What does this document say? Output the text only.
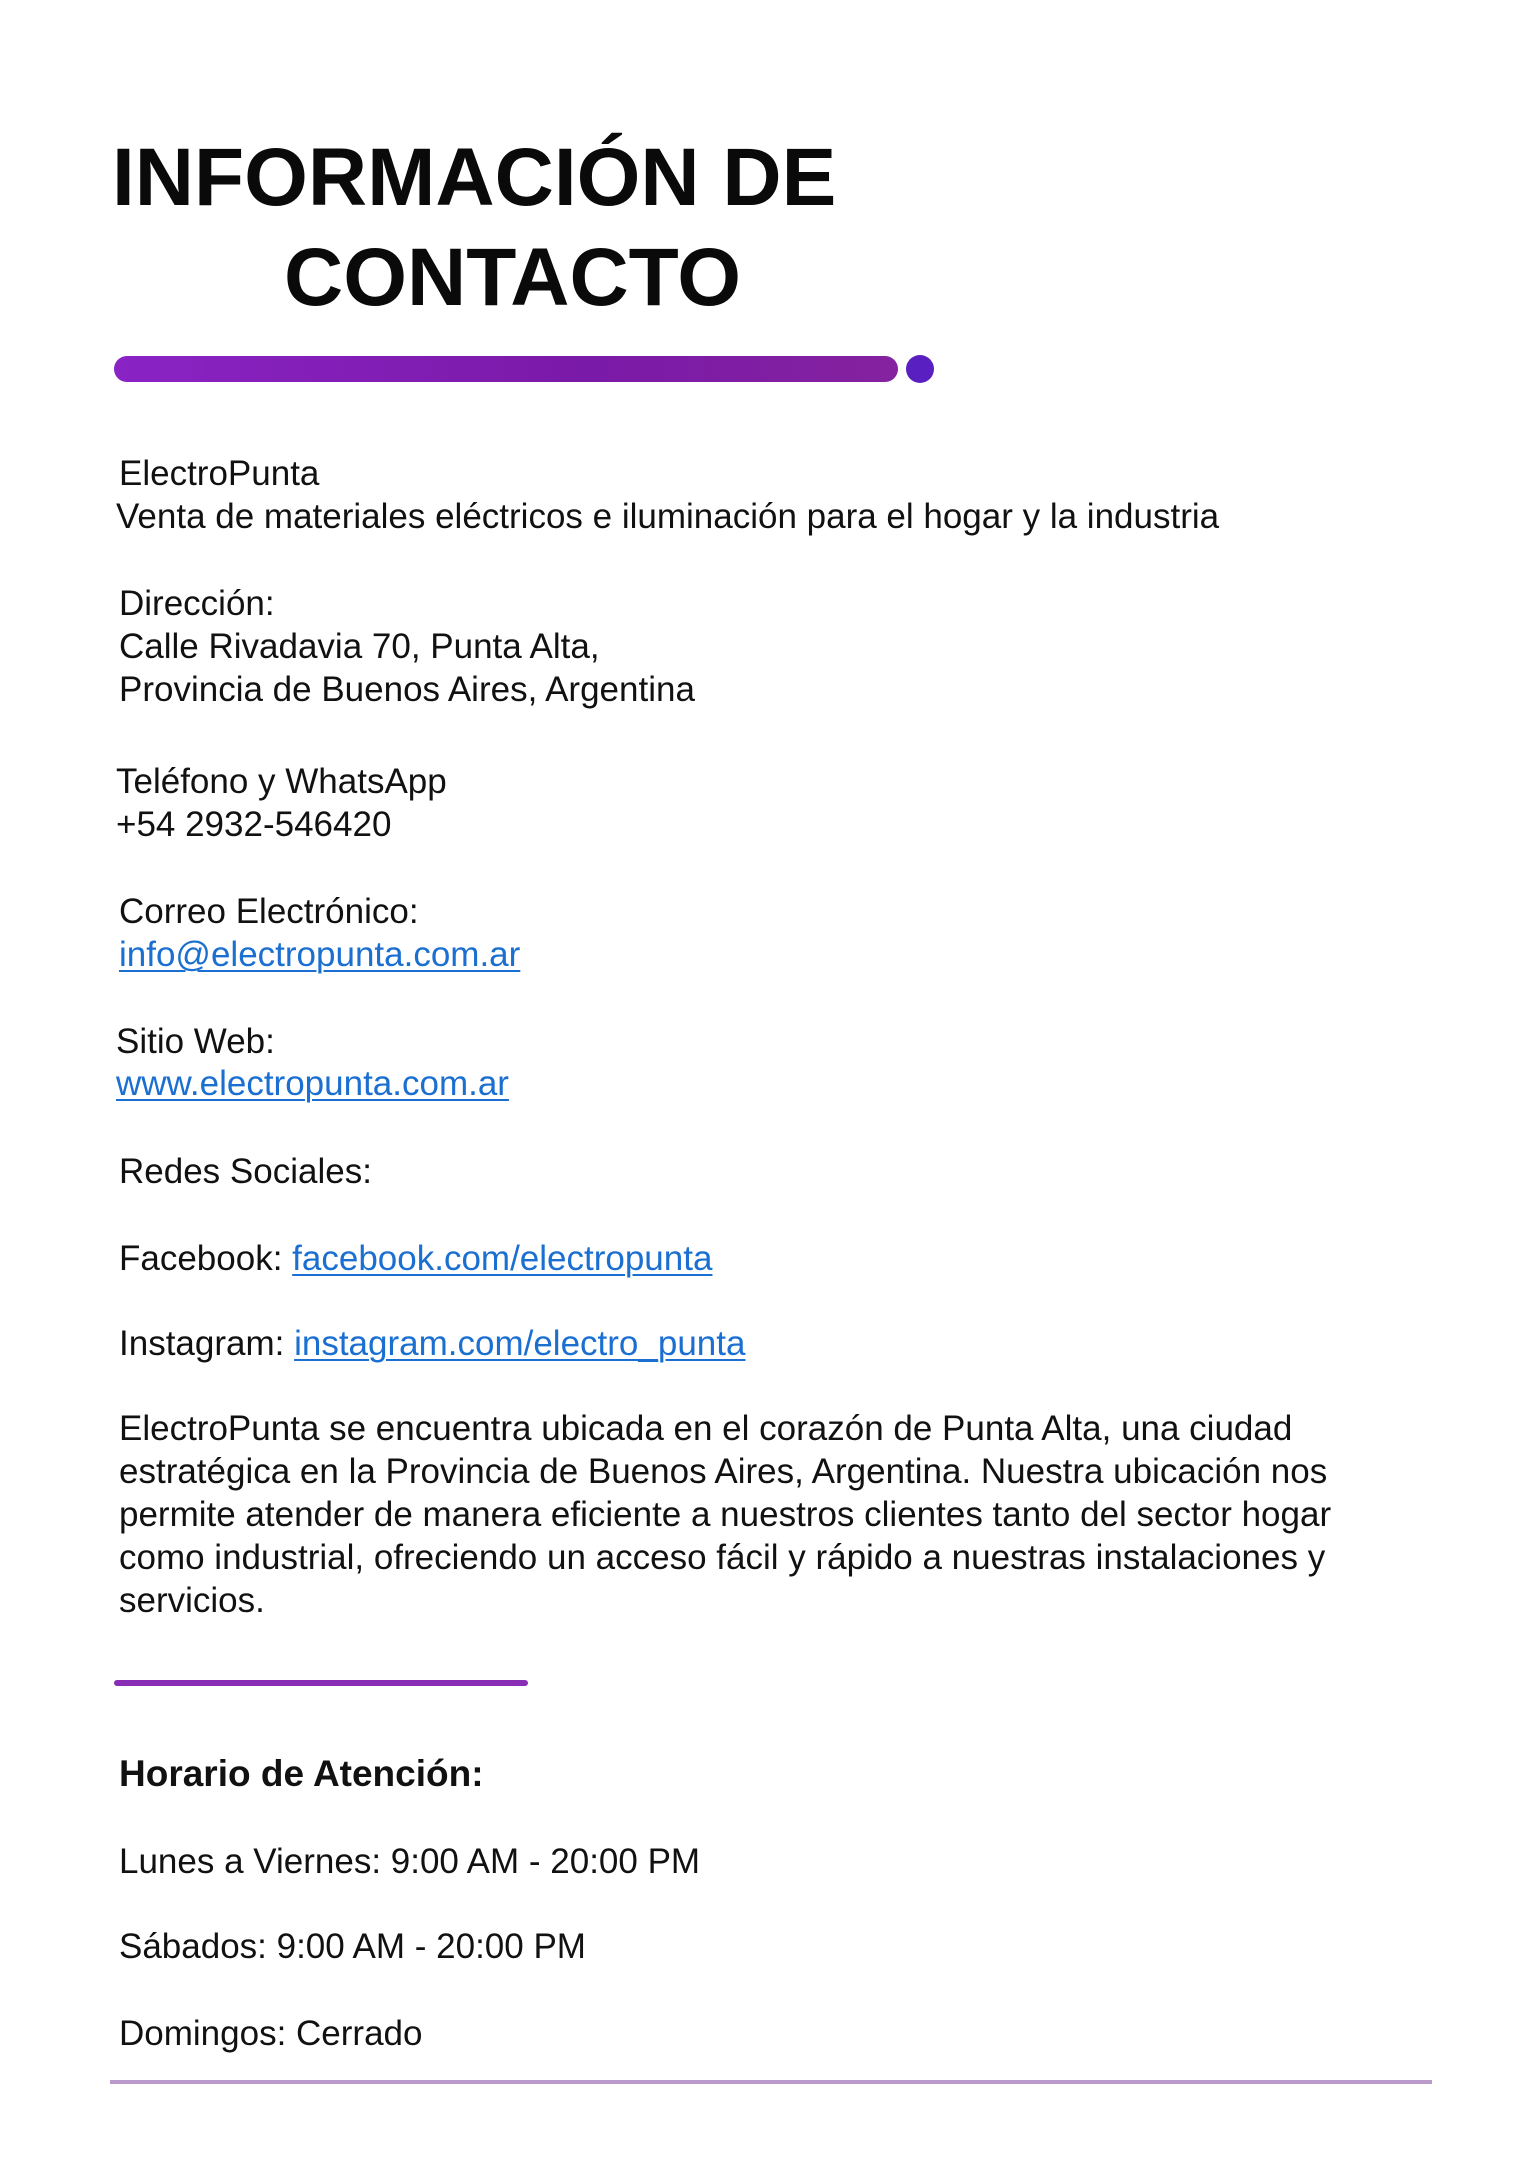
INFORMACIÓN DE
CONTACTO

ElectroPunta

Venta de materiales eléctricos e iluminación para el hogar y la industria

Dirección:

Calle Rivadavia 70, Punta Alta,

Provincia de Buenos Aires, Argentina

Teléfono y WhatsApp

+54 2932-546420

Correo Electrónico:

info@electropunta.com.ar

Sitio Web:

www.electropunta.com.ar

Redes Sociales:

Facebook: facebook.com/electropunta

Instagram: instagram.com/electro_punta

ElectroPunta se encuentra ubicada en el corazón de Punta Alta, una ciudad estratégica en la Provincia de Buenos Aires, Argentina. Nuestra ubicación nos permite atender de manera eficiente a nuestros clientes tanto del sector hogar como industrial, ofreciendo un acceso fácil y rápido a nuestras instalaciones y servicios.

Horario de Atención:

Lunes a Viernes: 9:00 AM - 20:00 PM

Sábados: 9:00 AM - 20:00 PM

Domingos: Cerrado
